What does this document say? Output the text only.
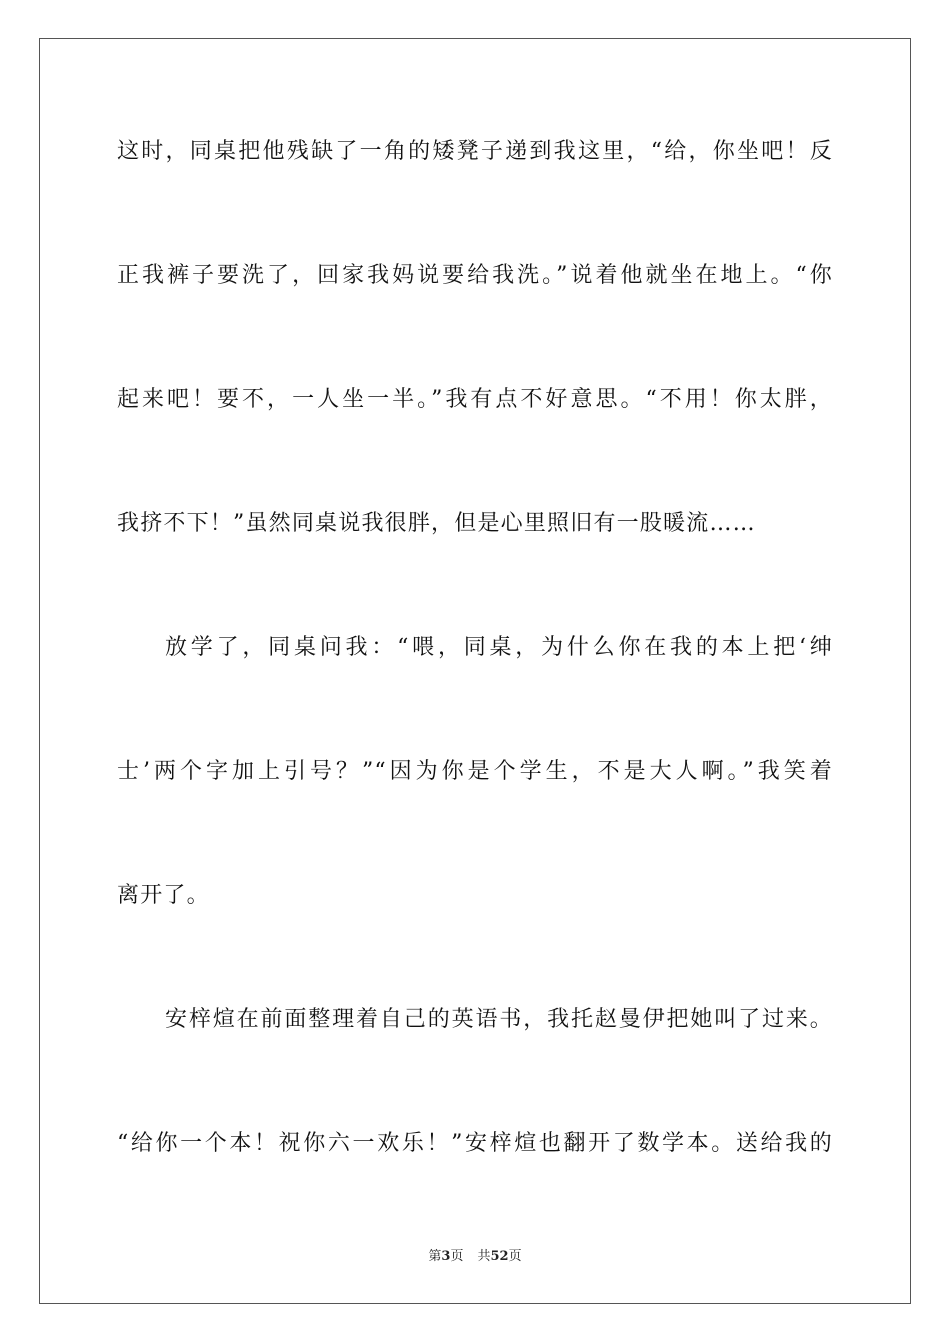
这时，同桌把他残缺了一角的矮凳子递到我这里，“给，你坐吧！反
正我裤子要洗了，回家我妈说要给我洗。”说着他就坐在地上。“你
起来吧！要不，一人坐一半。”我有点不好意思。“不用！你太胖，
我挤不下！”虽然同桌说我很胖，但是心里照旧有一股暖流……
放学了，同桌问我：“喂，同桌，为什么你在我的本上把‘绅
士’两个字加上引号？”“因为你是个学生，不是大人啊。”我笑着
离开了。
安梓煊在前面整理着自己的英语书，我托赵曼伊把她叫了过来。
“给你一个本！祝你六一欢乐！”安梓煊也翻开了数学本。送给我的
第3页 共52页
